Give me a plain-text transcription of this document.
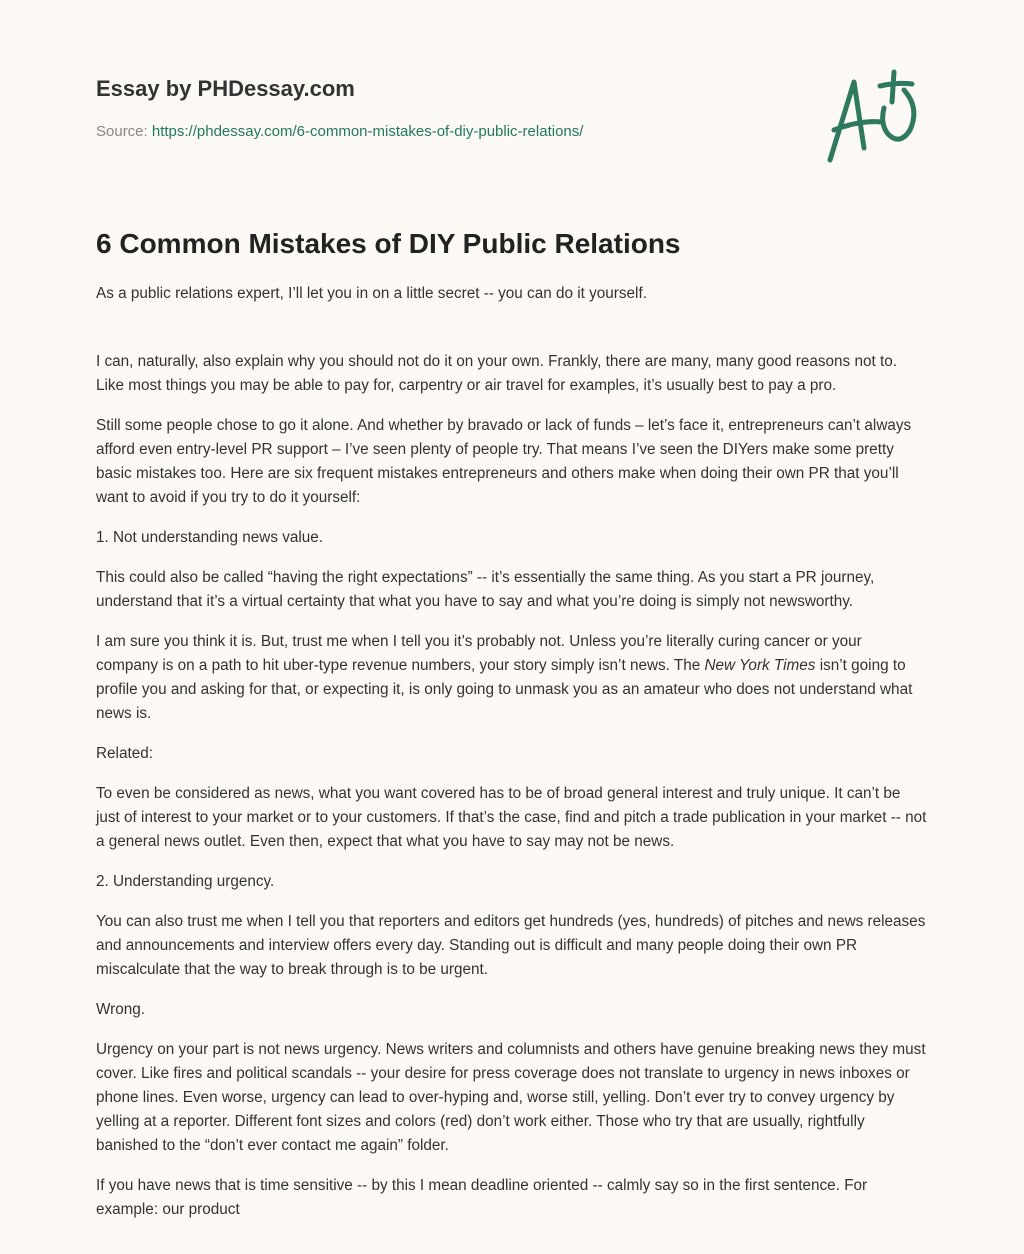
Essay by PHDessay.com
Source: https://phdessay.com/6-common-mistakes-of-diy-public-relations/
6 Common Mistakes of DIY Public Relations

As a public relations expert, I’ll let you in on a little secret -- you can do it yourself.

I can, naturally, also explain why you should not do it on your own. Frankly, there are many, many good reasons not to. Like most things you may be able to pay for, carpentry or air travel for examples, it’s usually best to pay a pro.

Still some people chose to go it alone. And whether by bravado or lack of funds – let’s face it, entrepreneurs can’t always afford even entry-level PR support – I’ve seen plenty of people try. That means I’ve seen the DIYers make some pretty basic mistakes too. Here are six frequent mistakes entrepreneurs and others make when doing their own PR that you’ll want to avoid if you try to do it yourself:

1. Not understanding news value.

This could also be called “having the right expectations” -- it’s essentially the same thing. As you start a PR journey, understand that it’s a virtual certainty that what you have to say and what you’re doing is simply not newsworthy.

I am sure you think it is. But, trust me when I tell you it’s probably not. Unless you’re literally curing cancer or your company is on a path to hit uber-type revenue numbers, your story simply isn’t news. The New York Times isn’t going to profile you and asking for that, or expecting it, is only going to unmask you as an amateur who does not understand what news is.

Related:

To even be considered as news, what you want covered has to be of broad general interest and truly unique. It can’t be just of interest to your market or to your customers. If that’s the case, find and pitch a trade publication in your market -- not a general news outlet. Even then, expect that what you have to say may not be news.

2. Understanding urgency.

You can also trust me when I tell you that reporters and editors get hundreds (yes, hundreds) of pitches and news releases and announcements and interview offers every day. Standing out is difficult and many people doing their own PR miscalculate that the way to break through is to be urgent.

Wrong.

Urgency on your part is not news urgency. News writers and columnists and others have genuine breaking news they must cover. Like fires and political scandals -- your desire for press coverage does not translate to urgency in news inboxes or phone lines. Even worse, urgency can lead to over-hyping and, worse still, yelling. Don’t ever try to convey urgency by yelling at a reporter. Different font sizes and colors (red) don’t work either. Those who try that are usually, rightfully banished to the “don’t ever contact me again” folder.

If you have news that is time sensitive -- by this I mean deadline oriented -- calmly say so in the first sentence. For example: our product
